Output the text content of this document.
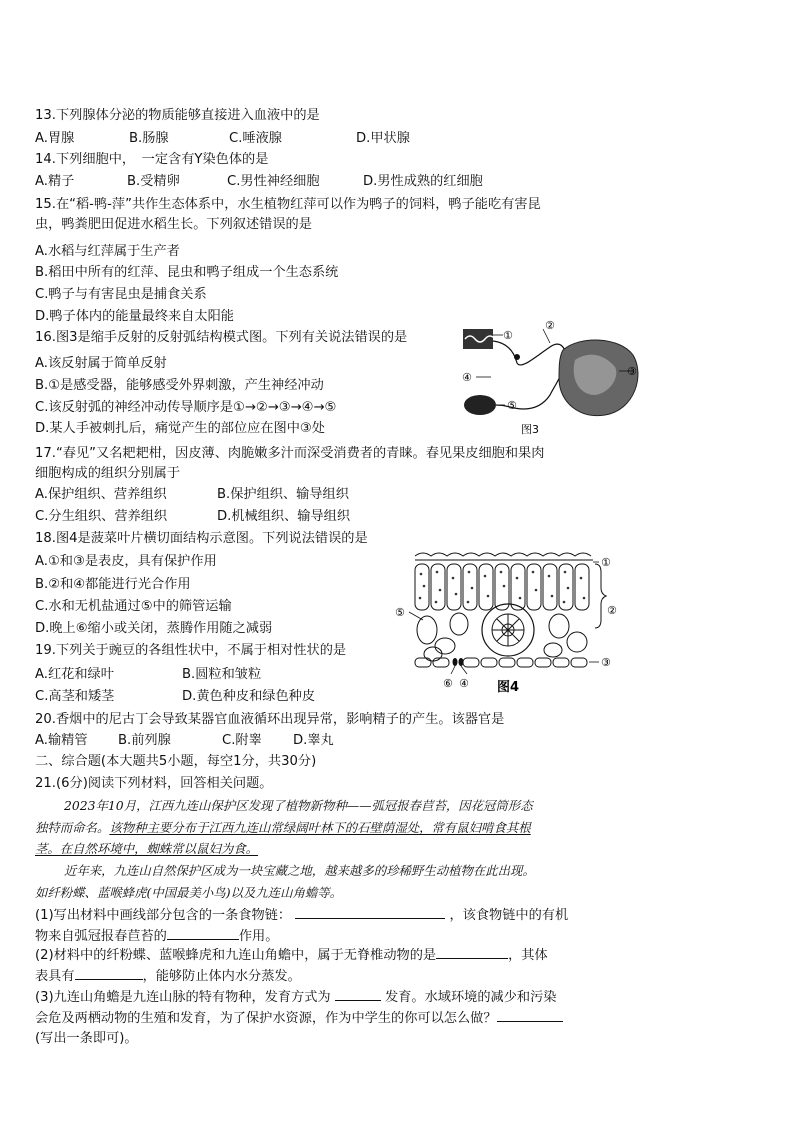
13.下列腺体分泌的物质能够直接进入血液中的是
A.胃腺	B.肠腺	C.唾液腺	D.甲状腺
14.下列细胞中，　一定含有Y染色体的是
A.精子	B.受精卵	C.男性神经细胞	D.男性成熟的红细胞
15.在“稻-鸭-萍”共作生态体系中，水生植物红萍可以作为鸭子的饲料，鸭子能吃有害昆
虫，鸭粪肥田促进水稻生长。下列叙述错误的是
A.水稻与红萍属于生产者
B.稻田中所有的红萍、昆虫和鸭子组成一个生态系统
C.鸭子与有害昆虫是捕食关系
D.鸭子体内的能量最终来自太阳能
16.图3是缩手反射的反射弧结构模式图。下列有关说法错误的是
A.该反射属于简单反射
B.①是感受器，能够感受外界刺激，产生神经冲动
C.该反射弧的神经冲动传导顺序是①→②→③→④→⑤
D.某人手被刺扎后，痛觉产生的部位应在图中③处
①
②
③
④
⑤
图3
17.“春见”又名耙耙柑，因皮薄、肉脆嫩多汁而深受消费者的青睐。春见果皮细胞和果肉
细胞构成的组织分别属于
A.保护组织、营养组织	B.保护组织、输导组织
C.分生组织、营养组织	D.机械组织、输导组织
18.图4是菠菜叶片横切面结构示意图。下列说法错误的是
A.①和③是表皮，具有保护作用
B.②和④都能进行光合作用
C.水和无机盐通过⑤中的筛管运输
D.晚上⑥缩小或关闭，蒸腾作用随之减弱
①
②
③
④
⑤
⑥	图4
19.下列关于豌豆的各组性状中，不属于相对性状的是
A.红花和绿叶	B.圆粒和皱粒
C.高茎和矮茎	D.黄色种皮和绿色种皮
20.香烟中的尼古丁会导致某器官血液循环出现异常，影响精子的产生。该器官是
A.输精管 B.前列腺	C.附睾 D.睾丸
二、综合题(本大题共5小题，每空1分，共30分)
21.(6分)阅读下列材料，回答相关问题。
2023年10月，江西九连山保护区发现了植物新物种——弧冠报春苣苔，因花冠筒形态
独特而命名。该物种主要分布于江西九连山常绿阔叶林下的石壁荫湿处，常有鼠妇啃食其根
茎。在自然环境中，蜘蛛常以鼠妇为食。
近年来，九连山自然保护区成为一块宝藏之地，越来越多的珍稀野生动植物在此出现。
如纤粉蝶、蓝喉蜂虎(中国最美小鸟)以及九连山角蟾等。
(1)写出材料中画线部分包含的一条食物链：	，该食物链中的有机
物来自弧冠报春苣苔的	作用。
(2)材料中的纤粉蝶、蓝喉蜂虎和九连山角蟾中，属于无脊椎动物的是	，其体
表具有	，能够防止体内水分蒸发。
(3)九连山角蟾是九连山脉的特有物种，发育方式为	发育。水域环境的减少和污染
会危及两栖动物的生殖和发育，为了保护水资源，作为中学生的你可以怎么做？
(写出一条即可)。
